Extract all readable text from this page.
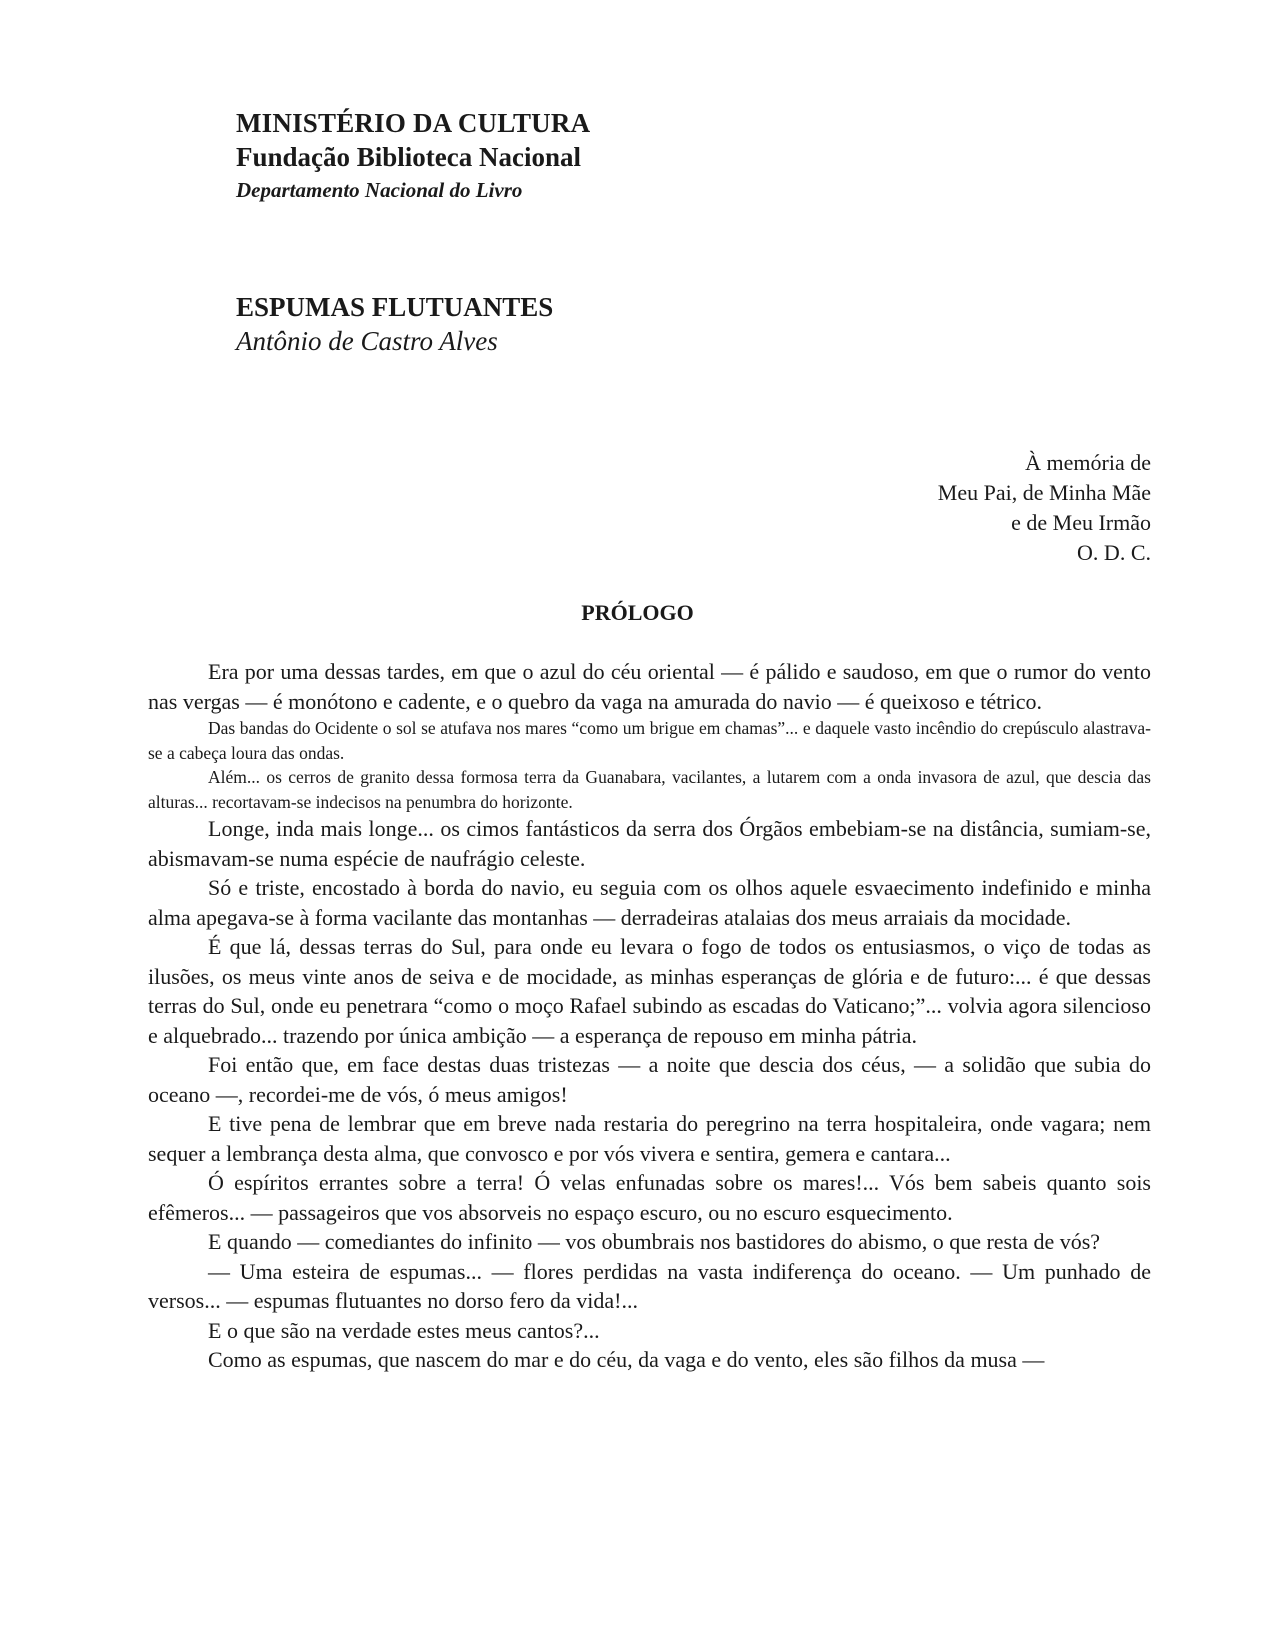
MINISTÉRIO DA CULTURA
Fundação Biblioteca Nacional
Departamento Nacional do Livro
ESPUMAS FLUTUANTES
Antônio de Castro Alves
À memória de
Meu Pai, de Minha Mãe
e de Meu Irmão
O. D. C.
PRÓLOGO

Era por uma dessas tardes, em que o azul do céu oriental — é pálido e saudoso, em que o rumor do vento nas vergas — é monótono e cadente, e o quebro da vaga na amurada do navio — é queixoso e tétrico.

Das bandas do Ocidente o sol se atufava nos mares “como um brigue em chamas”... e daquele vasto incêndio do crepúsculo alastrava-se a cabeça loura das ondas.

Além... os cerros de granito dessa formosa terra da Guanabara, vacilantes, a lutarem com a onda invasora de azul, que descia das alturas... recortavam-se indecisos na penumbra do horizonte.

Longe, inda mais longe... os cimos fantásticos da serra dos Órgãos embebiam-se na distância, sumiam-se, abismavam-se numa espécie de naufrágio celeste.

Só e triste, encostado à borda do navio, eu seguia com os olhos aquele esvaecimento indefinido e minha alma apegava-se à forma vacilante das montanhas — derradeiras atalaias dos meus arraiais da mocidade.

É que lá, dessas terras do Sul, para onde eu levara o fogo de todos os entusiasmos, o viço de todas as ilusões, os meus vinte anos de seiva e de mocidade, as minhas esperanças de glória e de futuro:... é que dessas terras do Sul, onde eu penetrara “como o moço Rafael subindo as escadas do Vaticano;”... volvia agora silencioso e alquebrado... trazendo por única ambição — a esperança de repouso em minha pátria.

Foi então que, em face destas duas tristezas — a noite que descia dos céus, — a solidão que subia do oceano —, recordei-me de vós, ó meus amigos!

E tive pena de lembrar que em breve nada restaria do peregrino na terra hospitaleira, onde vagara; nem sequer a lembrança desta alma, que convosco e por vós vivera e sentira, gemera e cantara...

Ó espíritos errantes sobre a terra! Ó velas enfunadas sobre os mares!... Vós bem sabeis quanto sois efêmeros... — passageiros que vos absorveis no espaço escuro, ou no escuro esquecimento.

E quando — comediantes do infinito — vos obumbrais nos bastidores do abismo, o que resta de vós?

— Uma esteira de espumas... — flores perdidas na vasta indiferença do oceano. — Um punhado de versos... — espumas flutuantes no dorso fero da vida!...

E o que são na verdade estes meus cantos?...

Como as espumas, que nascem do mar e do céu, da vaga e do vento, eles são filhos da musa —
